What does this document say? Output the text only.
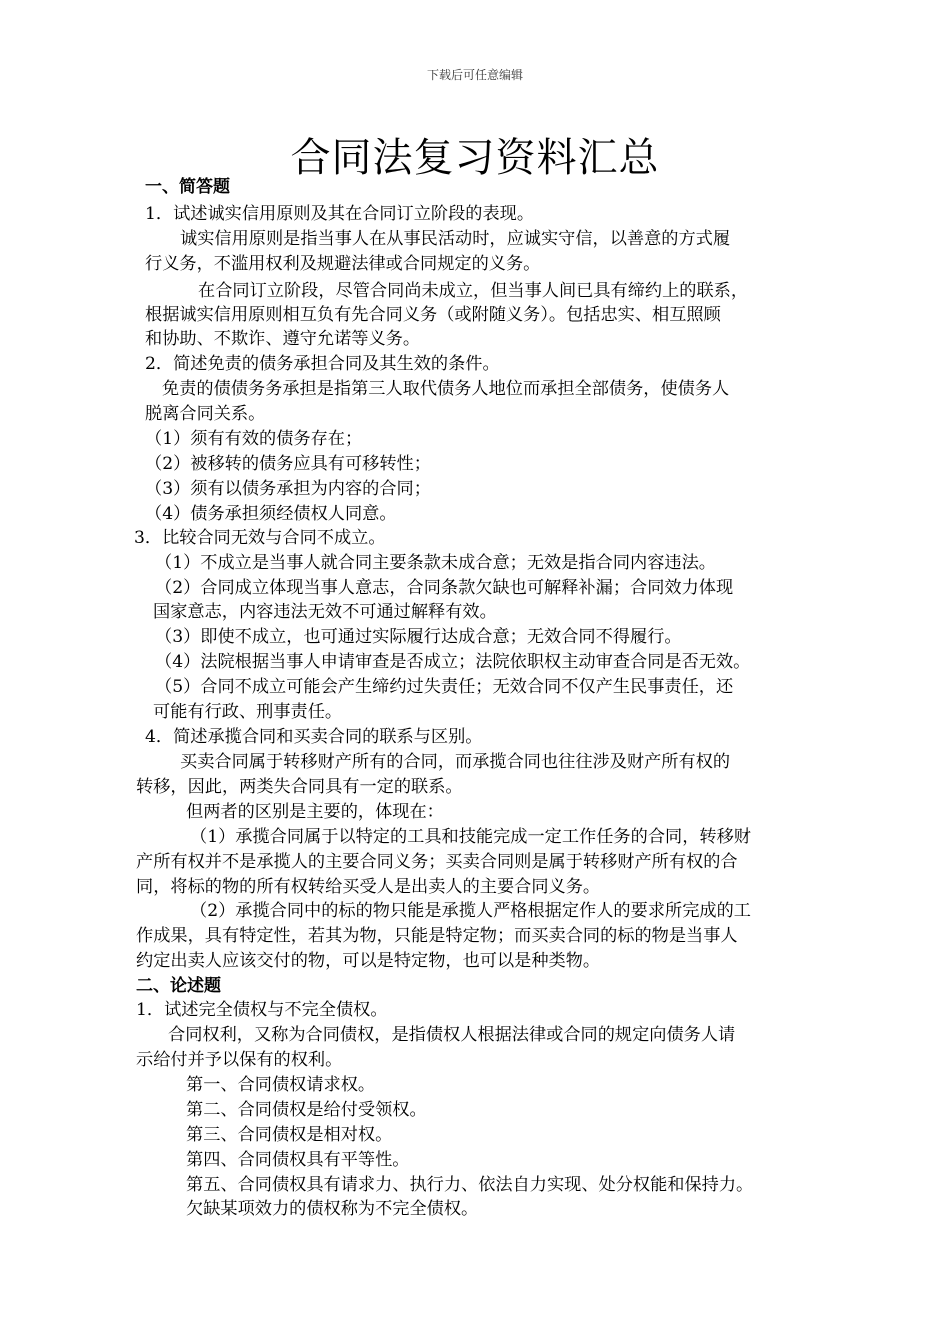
下载后可任意编辑
合同法复习资料汇总
一、简答题
1．试述诚实信用原则及其在合同订立阶段的表现。
诚实信用原则是指当事人在从事民活动时，应诚实守信，以善意的方式履
行义务，不滥用权利及规避法律或合同规定的义务。
在合同订立阶段，尽管合同尚未成立，但当事人间已具有缔约上的联系，
根据诚实信用原则相互负有先合同义务（或附随义务）。包括忠实、相互照顾
和协助、不欺诈、遵守允诺等义务。
2．简述免责的债务承担合同及其生效的条件。
免责的债债务务承担是指第三人取代债务人地位而承担全部债务，使债务人
脱离合同关系。
（1）须有有效的债务存在；
（2）被移转的债务应具有可移转性；
（3）须有以债务承担为内容的合同；
（4）债务承担须经债权人同意。
3．比较合同无效与合同不成立。
（1）不成立是当事人就合同主要条款未成合意；无效是指合同内容违法。
（2）合同成立体现当事人意志，合同条款欠缺也可解释补漏；合同效力体现
国家意志，内容违法无效不可通过解释有效。
（3）即使不成立，也可通过实际履行达成合意；无效合同不得履行。
（4）法院根据当事人申请审查是否成立；法院依职权主动审查合同是否无效。
（5）合同不成立可能会产生缔约过失责任；无效合同不仅产生民事责任，还
可能有行政、刑事责任。
4．简述承揽合同和买卖合同的联系与区别。
买卖合同属于转移财产所有的合同，而承揽合同也往往涉及财产所有权的
转移，因此，两类失合同具有一定的联系。
但两者的区别是主要的，体现在：
（1）承揽合同属于以特定的工具和技能完成一定工作任务的合同，转移财
产所有权并不是承揽人的主要合同义务；买卖合同则是属于转移财产所有权的合
同，将标的物的所有权转给买受人是出卖人的主要合同义务。
（2）承揽合同中的标的物只能是承揽人严格根据定作人的要求所完成的工
作成果，具有特定性，若其为物，只能是特定物；而买卖合同的标的物是当事人
约定出卖人应该交付的物，可以是特定物，也可以是种类物。
二、论述题
1．试述完全债权与不完全债权。
合同权利，又称为合同债权，是指债权人根据法律或合同的规定向债务人请
示给付并予以保有的权利。
第一、合同债权请求权。
第二、合同债权是给付受领权。
第三、合同债权是相对权。
第四、合同债权具有平等性。
第五、合同债权具有请求力、执行力、依法自力实现、处分权能和保持力。
欠缺某项效力的债权称为不完全债权。
